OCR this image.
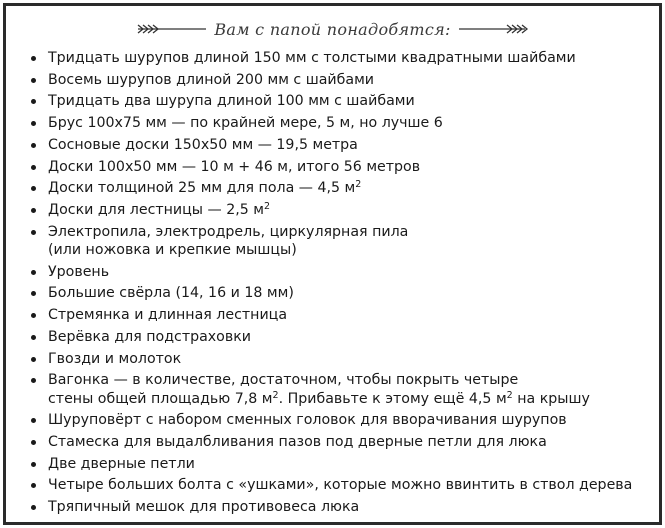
Вам с папой понадобятся:
Тридцать шурупов длиной 150 мм с толстыми квадратными шайбами
Восемь шурупов длиной 200 мм с шайбами
Тридцать два шурупа длиной 100 мм с шайбами
Брус 100x75 мм — по крайней мере, 5 м, но лучше 6
Сосновые доски 150x50 мм — 19,5 метра
Доски 100x50 мм — 10 м + 46 м, итого 56 метров
Доски толщиной 25 мм для пола — 4,5 $м^2$
Доски для лестницы — 2,5 $м^2$
Электропила, электродрель, циркулярная пила
(или ножовка и крепкие мышцы)
Уровень
Большие свёрла (14, 16 и 18 мм)
Стремянка и длинная лестница
Верёвка для подстраховки
Гвозди и молоток
Вагонка — в количестве, достаточном, чтобы покрыть четыре
стены общей площадью 7,8 $м^2$. Прибавьте к этому ещё 4,5 $м^2$ на крышу
Шуруповёрт с набором сменных головок для вворачивания шурупов
Стамеска для выдалбливания пазов под дверные петли для люка
Две дверные петли
Четыре больших болта с «ушками», которые можно ввинтить в ствол дерева
Тряпичный мешок для противовеса люка
